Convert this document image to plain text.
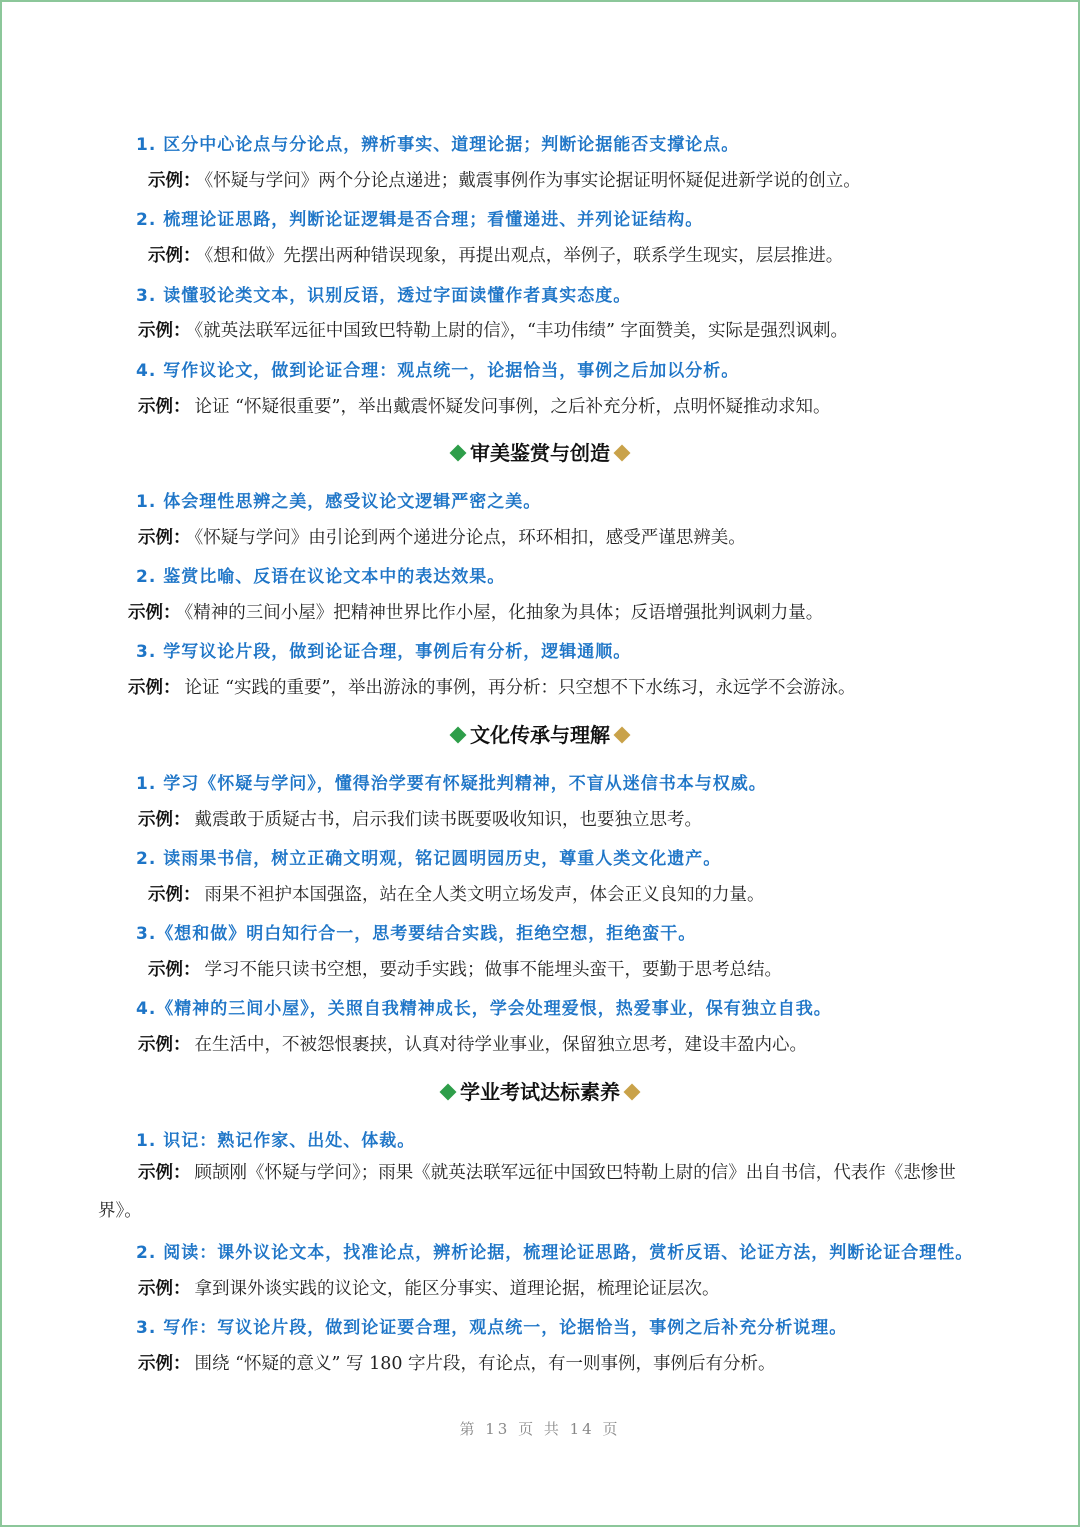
1. 区分中心论点与分论点，辨析事实、道理论据；判断论据能否支撑论点。
示例： 《怀疑与学问》两个分论点递进；戴震事例作为事实论据证明怀疑促进新学说的创立。
2. 梳理论证思路，判断论证逻辑是否合理；看懂递进、并列论证结构。
示例： 《想和做》先摆出两种错误现象，再提出观点，举例子，联系学生现实，层层推进。
3. 读懂驳论类文本，识别反语，透过字面读懂作者真实态度。
示例： 《就英法联军远征中国致巴特勒上尉的信》，“丰功伟绩” 字面赞美，实际是强烈讽刺。
4. 写作议论文，做到论证合理：观点统一，论据恰当，事例之后加以分析。
示例： 论证 “怀疑很重要”，举出戴震怀疑发问事例，之后补充分析，点明怀疑推动求知。
审美鉴赏与创造
1. 体会理性思辨之美，感受议论文逻辑严密之美。
示例： 《怀疑与学问》由引论到两个递进分论点，环环相扣，感受严谨思辨美。
2. 鉴赏比喻、反语在议论文本中的表达效果。
示例： 《精神的三间小屋》把精神世界比作小屋，化抽象为具体；反语增强批判讽刺力量。
3. 学写议论片段，做到论证合理，事例后有分析，逻辑通顺。
示例： 论证 “实践的重要”，举出游泳的事例，再分析：只空想不下水练习，永远学不会游泳。
文化传承与理解
1. 学习《怀疑与学问》，懂得治学要有怀疑批判精神，不盲从迷信书本与权威。
示例： 戴震敢于质疑古书，启示我们读书既要吸收知识，也要独立思考。
2. 读雨果书信，树立正确文明观，铭记圆明园历史，尊重人类文化遗产。
示例： 雨果不袒护本国强盗，站在全人类文明立场发声，体会正义良知的力量。
3.《想和做》明白知行合一，思考要结合实践，拒绝空想，拒绝蛮干。
示例： 学习不能只读书空想，要动手实践；做事不能埋头蛮干，要勤于思考总结。
4.《精神的三间小屋》，关照自我精神成长，学会处理爱恨，热爱事业，保有独立自我。
示例： 在生活中，不被怨恨裹挟，认真对待学业事业，保留独立思考，建设丰盈内心。
学业考试达标素养
1. 识记：熟记作家、出处、体裁。
示例： 顾颉刚《怀疑与学问》；雨果《就英法联军远征中国致巴特勒上尉的信》出自书信，代表作《悲惨世界》。
2. 阅读：课外议论文本，找准论点，辨析论据，梳理论证思路，赏析反语、论证方法，判断论证合理性。
示例： 拿到课外谈实践的议论文，能区分事实、道理论据，梳理论证层次。
3. 写作：写议论片段，做到论证要合理，观点统一，论据恰当，事例之后补充分析说理。
示例： 围绕 “怀疑的意义” 写 180 字片段，有论点，有一则事例，事例后有分析。
第 13 页 共 14 页
